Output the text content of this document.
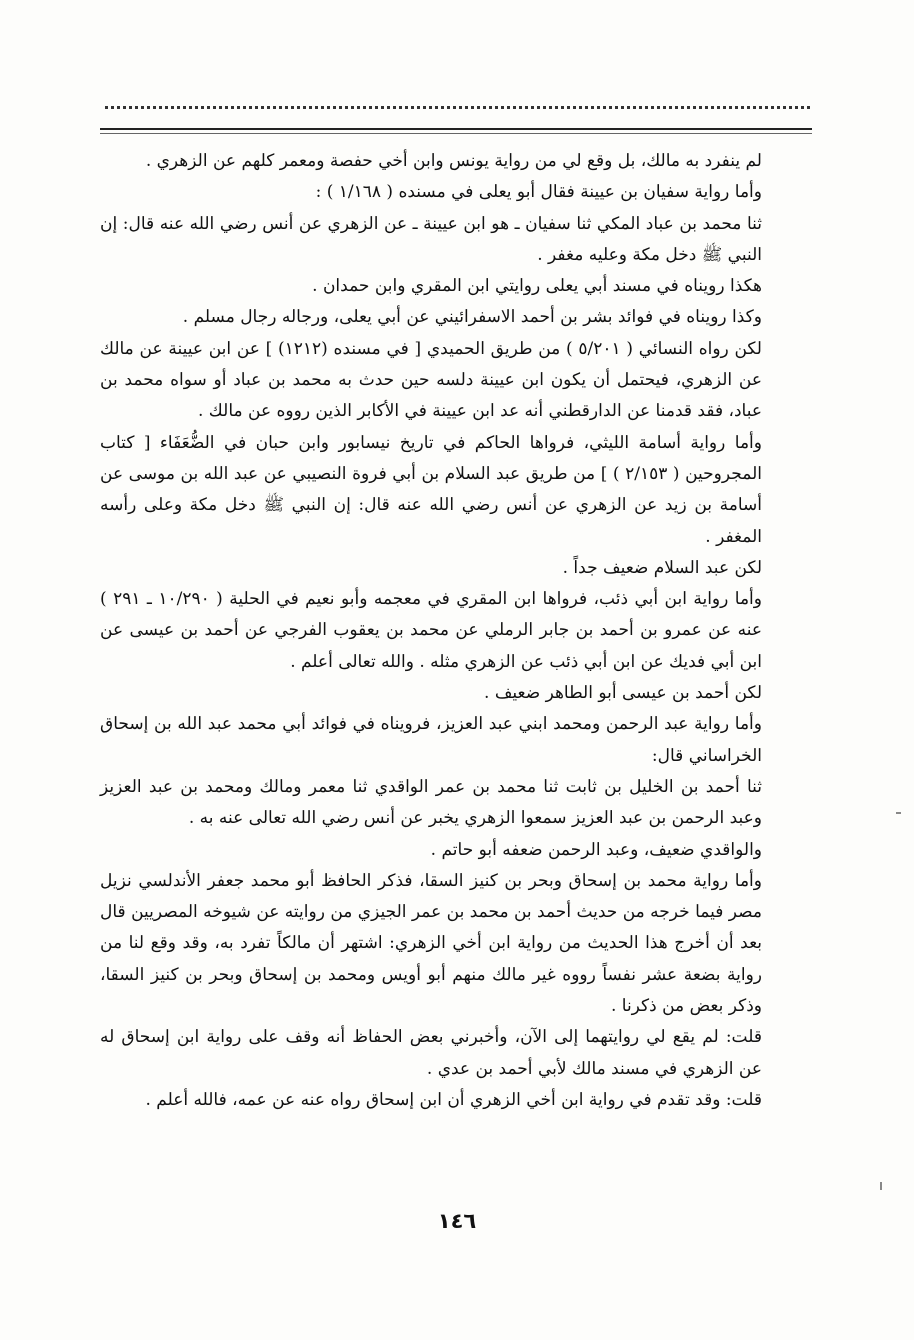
لم ينفرد به مالك، بل وقع لي من رواية يونس وابن أخي حفصة ومعمر كلهم عن الزهري .

وأما رواية سفيان بن عيينة فقال أبو يعلى في مسنده ( ١/١٦٨ ) :

ثنا محمد بن عباد المكي ثنا سفيان ـ هو ابن عيينة ـ عن الزهري عن أنس رضي الله عنه قال: إن النبي ﷺ دخل مكة وعليه مغفر .

هكذا رويناه في مسند أبي يعلى روايتي ابن المقري وابن حمدان .

وكذا رويناه في فوائد بشر بن أحمد الاسفرائيني عن أبي يعلى، ورجاله رجال مسلم .

لكن رواه النسائي ( ٥/٢٠١ ) من طريق الحميدي [ في مسنده (١٢١٢) ] عن ابن عيينة عن مالك عن الزهري، فيحتمل أن يكون ابن عيينة دلسه حين حدث به محمد بن عباد أو سواه محمد بن عباد، فقد قدمنا عن الدارقطني أنه عد ابن عيينة في الأكابر الذين رووه عن مالك .

وأما رواية أسامة الليثي، فرواها الحاكم في تاريخ نيسابور وابن حبان في الضُّعَفَاء [ كتاب المجروحين ( ٢/١٥٣ ) ] من طريق عبد السلام بن أبي فروة النصيبي عن عبد الله بن موسى عن أسامة بن زيد عن الزهري عن أنس رضي الله عنه قال: إن النبي ﷺ دخل مكة وعلى رأسه المغفر .

لكن عبد السلام ضعيف جداً .

وأما رواية ابن أبي ذئب، فرواها ابن المقري في معجمه وأبو نعيم في الحلية ( ١٠/٢٩٠ ـ ٢٩١ ) عنه عن عمرو بن أحمد بن جابر الرملي عن محمد بن يعقوب الفرجي عن أحمد بن عيسى عن ابن أبي فديك عن ابن أبي ذئب عن الزهري مثله . والله تعالى أعلم .

لكن أحمد بن عيسى أبو الطاهر ضعيف .

وأما رواية عبد الرحمن ومحمد ابني عبد العزيز، فرويناه في فوائد أبي محمد عبد الله بن إسحاق الخراساني قال:

ثنا أحمد بن الخليل بن ثابت ثنا محمد بن عمر الواقدي ثنا معمر ومالك ومحمد بن عبد العزيز وعبد الرحمن بن عبد العزيز سمعوا الزهري يخبر عن أنس رضي الله تعالى عنه به .

والواقدي ضعيف، وعبد الرحمن ضعفه أبو حاتم .

وأما رواية محمد بن إسحاق وبحر بن كنيز السقا، فذكر الحافظ أبو محمد جعفر الأندلسي نزيل مصر فيما خرجه من حديث أحمد بن محمد بن عمر الجيزي من روايته عن شيوخه المصريين قال بعد أن أخرج هذا الحديث من رواية ابن أخي الزهري: اشتهر أن مالكاً تفرد به، وقد وقع لنا من رواية بضعة عشر نفساً رووه غير مالك منهم أبو أويس ومحمد بن إسحاق وبحر بن كنيز السقا، وذكر بعض من ذكرنا .

قلت: لم يقع لي روايتهما إلى الآن، وأخبرني بعض الحفاظ أنه وقف على رواية ابن إسحاق له عن الزهري في مسند مالك لأبي أحمد بن عدي .

قلت: وقد تقدم في رواية ابن أخي الزهري أن ابن إسحاق رواه عنه عن عمه، فالله أعلم .

١٤٦
